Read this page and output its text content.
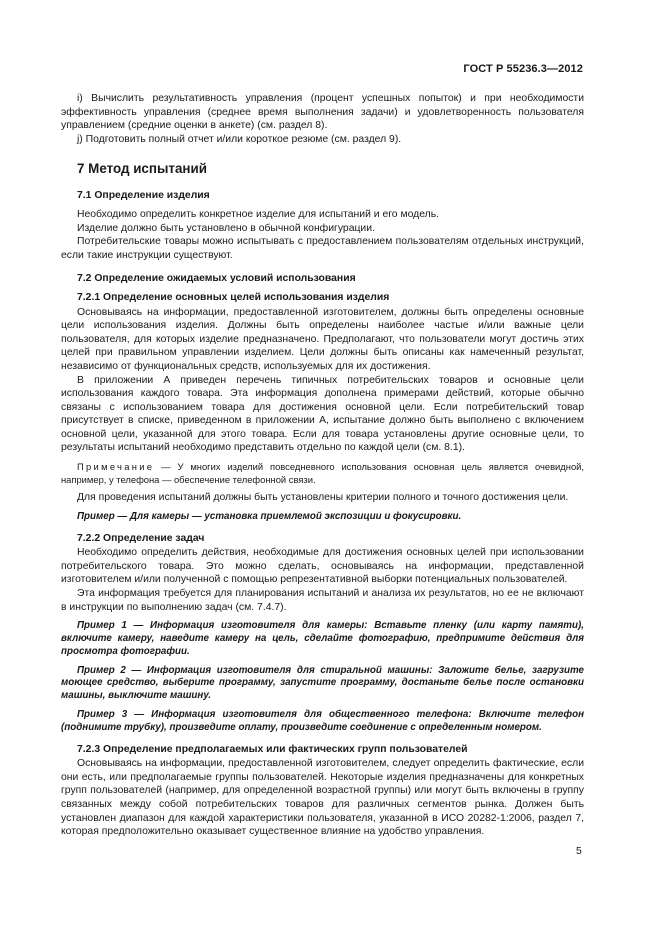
ГОСТ Р 55236.3—2012

i) Вычислить результативность управления (процент успешных попыток) и при необходимости эффективность управления (среднее время выполнения задачи) и удовлетворенность пользователя управлением (средние оценки в анкете) (см. раздел 8).

j) Подготовить полный отчет и/или короткое резюме (см. раздел 9).

7 Метод испытаний
7.1 Определение изделия

Необходимо определить конкретное изделие для испытаний и его модель.

Изделие должно быть установлено в обычной конфигурации.

Потребительские товары можно испытывать с предоставлением пользователям отдельных инструкций, если такие инструкции существуют.

7.2 Определение ожидаемых условий использования
7.2.1 Определение основных целей использования изделия

Основываясь на информации, предоставленной изготовителем, должны быть определены основные цели использования изделия. Должны быть определены наиболее частые и/или важные цели пользователя, для которых изделие предназначено. Предполагают, что пользователи могут достичь этих целей при правильном управлении изделием. Цели должны быть описаны как намеченный результат, независимо от функциональных средств, используемых для их достижения.

В приложении А приведен перечень типичных потребительских товаров и основные цели использования каждого товара. Эта информация дополнена примерами действий, которые обычно связаны с использованием товара для достижения основной цели. Если потребительский товар присутствует в списке, приведенном в приложении А, испытание должно быть выполнено с включением основной цели, указанной для этого товара. Если для товара установлены другие основные цели, то результаты испытаний необходимо представить отдельно по каждой цели (см. 8.1).

Примечание — У многих изделий повседневного использования основная цель является очевидной, например, у телефона — обеспечение телефонной связи.

Для проведения испытаний должны быть установлены критерии полного и точного достижения цели.

Пример — Для камеры — установка приемлемой экспозиции и фокусировки.

7.2.2 Определение задач

Необходимо определить действия, необходимые для достижения основных целей при использовании потребительского товара. Это можно сделать, основываясь на информации, представленной изготовителем и/или полученной с помощью репрезентативной выборки потенциальных пользователей.

Эта информация требуется для планирования испытаний и анализа их результатов, но ее не включают в инструкции по выполнению задач (см. 7.4.7).

Пример 1 — Информация изготовителя для камеры: Вставьте пленку (или карту памяти), включите камеру, наведите камеру на цель, сделайте фотографию, предпримите действия для просмотра фотографии.

Пример 2 — Информация изготовителя для стиральной машины: Заложите белье, загрузите моющее средство, выберите программу, запустите программу, достаньте белье после остановки машины, выключите машину.

Пример 3 — Информация изготовителя для общественного телефона: Включите телефон (поднимите трубку), произведите оплату, произведите соединение с определенным номером.

7.2.3 Определение предполагаемых или фактических групп пользователей

Основываясь на информации, предоставленной изготовителем, следует определить фактические, если они есть, или предполагаемые группы пользователей. Некоторые изделия предназначены для конкретных групп пользователей (например, для определенной возрастной группы) или могут быть включены в группу связанных между собой потребительских товаров для различных сегментов рынка. Должен быть установлен диапазон для каждой характеристики пользователя, указанной в ИСО 20282-1:2006, раздел 7, которая предположительно оказывает существенное влияние на удобство управления.

5
